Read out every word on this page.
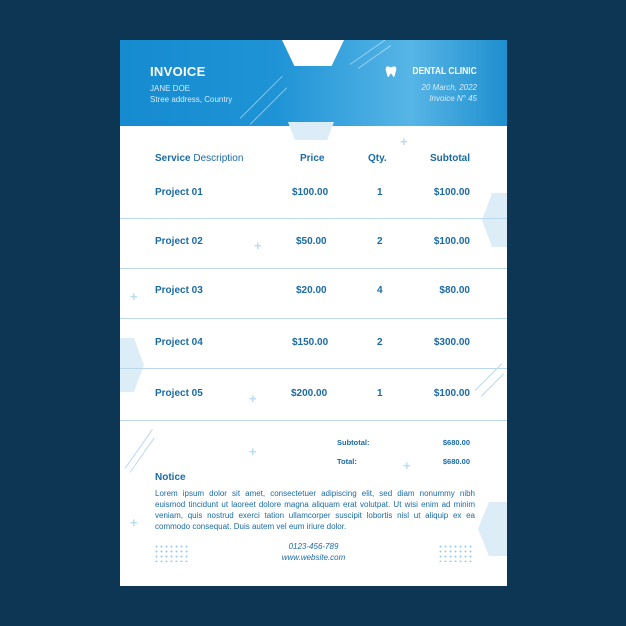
INVOICE
JANE DOE
Stree address, Country
DENTAL CLINIC
20 March, 2022
Invoice N° 45
+
+
+
+
+
+
+
Service Description	Price	Qty.	Subtotal
Project 01	$100.00	1	$100.00
Project 02	$50.00	2	$100.00
Project 03	$20.00	4	$80.00
Project 04	$150.00	2	$300.00
Project 05	$200.00	1	$100.00
Subtotal:	$680.00
Total:	$680.00
Notice
Lorem ipsum dolor sit amet, consectetuer adipiscing elit, sed diam nonummy nibh euismod tincidunt ut laoreet dolore magna aliquam erat volutpat. Ut wisi enim ad minim veniam, quis nostrud exerci tation ullamcorper suscipit lobortis nisl ut aliquip ex ea commodo consequat. Duis autem vel eum iriure dolor.
0123-456-789
www.website.com
